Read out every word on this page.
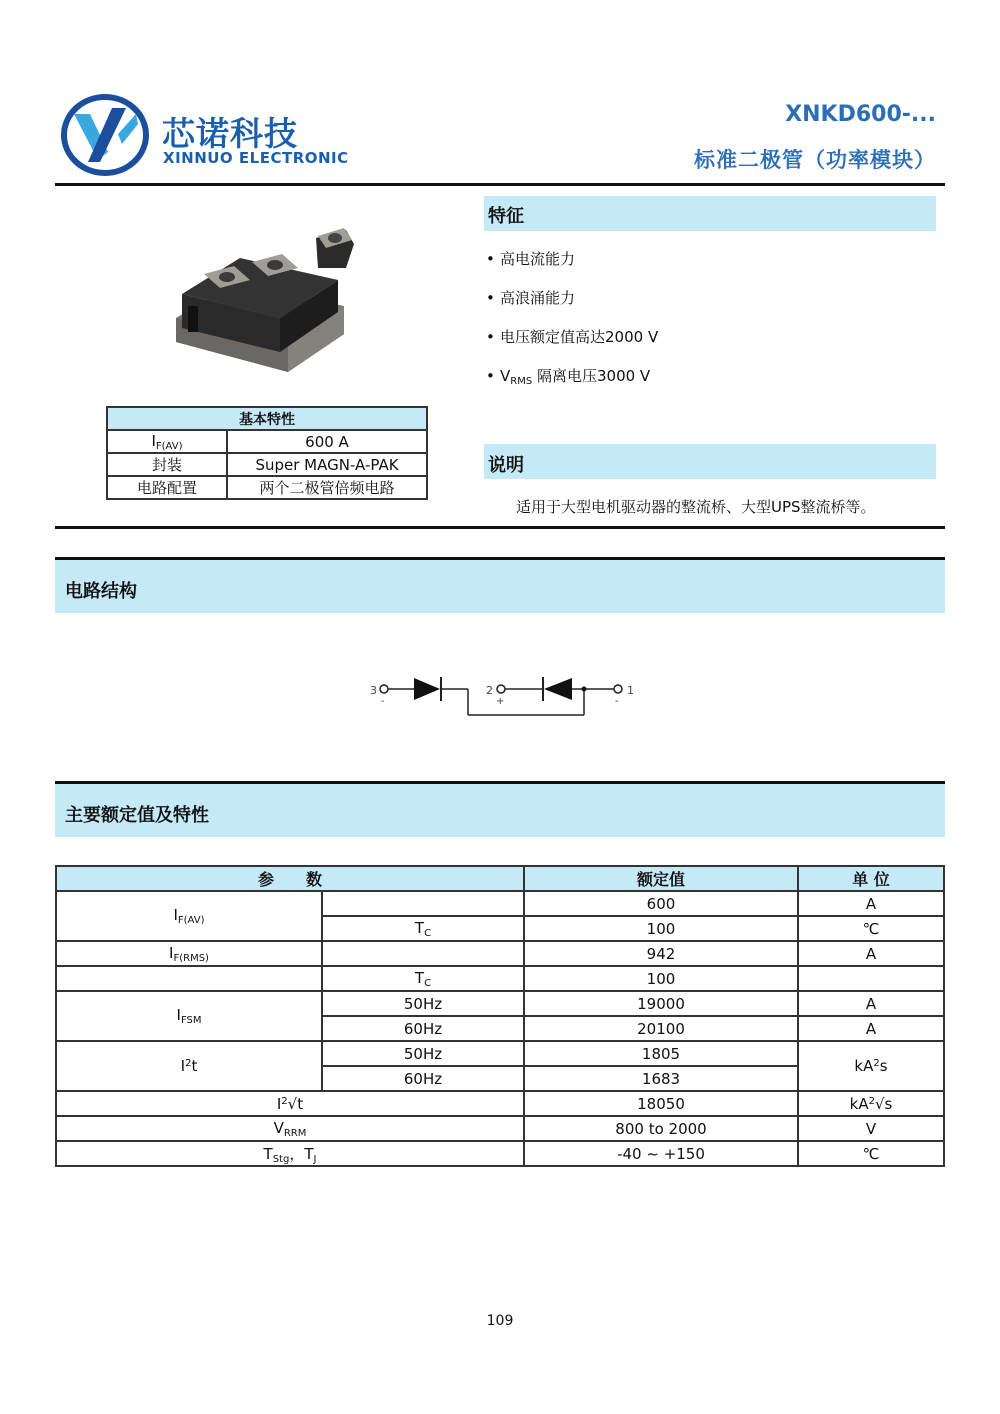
芯诺科技
XINNUO ELECTRONIC
XNKD600-...
标准二极管（功率模块）
基本特性	
$I_{F(AV)}$	600 A
封装	Super MAGN-A-PAK
电路配置	两个二极管倍频电路
特征
• 高电流能力
• 高浪涌能力
• 电压额定值高达2000 V
• $V_{RMS}$ 隔离电压3000 V
说明
适用于大型电机驱动器的整流桥、大型UPS整流桥等。
电路结构
3
-
2
+
1
-
主要额定值及特性
参　　数		额定值	单 位
$I_{F(AV)}$		600	A
	$T_C$	100	℃
$I_{F(RMS)}$		942	A
	$T_C$	100	
$I_{FSM}$	50Hz	19000	A
	60Hz	20100	A
$I^2t$	50Hz	1805	$kA^2s$
	60Hz	1683	
$I^2√t$		18050	$kA^2√s$
$V_{RRM}$		800 to 2000	V
$T_{Stg}$，$T_J$		-40 ~ +150	℃
109
